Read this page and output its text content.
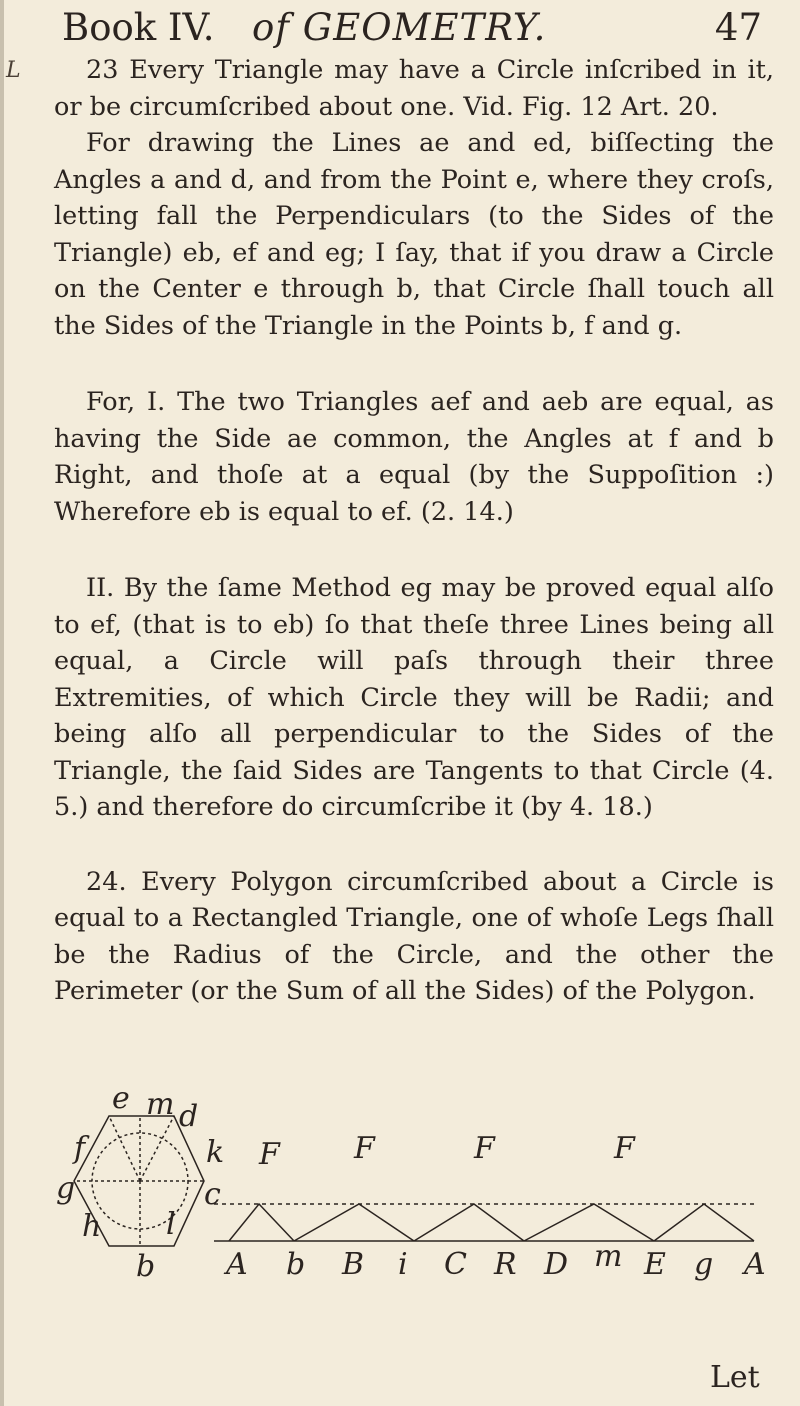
L
Book IV. of GEOMETRY.	47

23 Every Triangle may have a Circle inſcribed in it, or be circumſcribed about one. Vid. Fig. 12 Art. 20.

For drawing the Lines ae and ed, biſſecting the Angles a and d, and from the Point e, where they croſs, letting fall the Perpendiculars (to the Sides of the Triangle) eb, ef and eg; I ſay, that if you draw a Circle on the Center e through b, that Circle ſhall touch all the Sides of the Triangle in the Points b, f and g.

For, I. The two Triangles aef and aeb are equal, as having the Side ae common, the Angles at f and b Right, and thoſe at a equal (by the Suppoſition :) Wherefore eb is equal to ef. (2. 14.)

II. By the ſame Method eg may be proved equal alſo to ef, (that is to eb) ſo that theſe three Lines being all equal, a Circle will paſs through their three Extremities, of which Circle they will be Radii; and being alſo all perpendicular to the Sides of the Triangle, the ſaid Sides are Tangents to that Circle (4. 5.) and therefore do circumſcribe it (by 4. 18.)

24. Every Polygon circumſcribed about a Circle is equal to a Rectangled Triangle, one of whoſe Legs ſhall be the Radius of the Circle, and the other the Perimeter (or the Sum of all the Sides) of the Polygon.

e m d
f	k
g	c
h l
b
F F	F	F
A b B i C R D m E g A
Let
